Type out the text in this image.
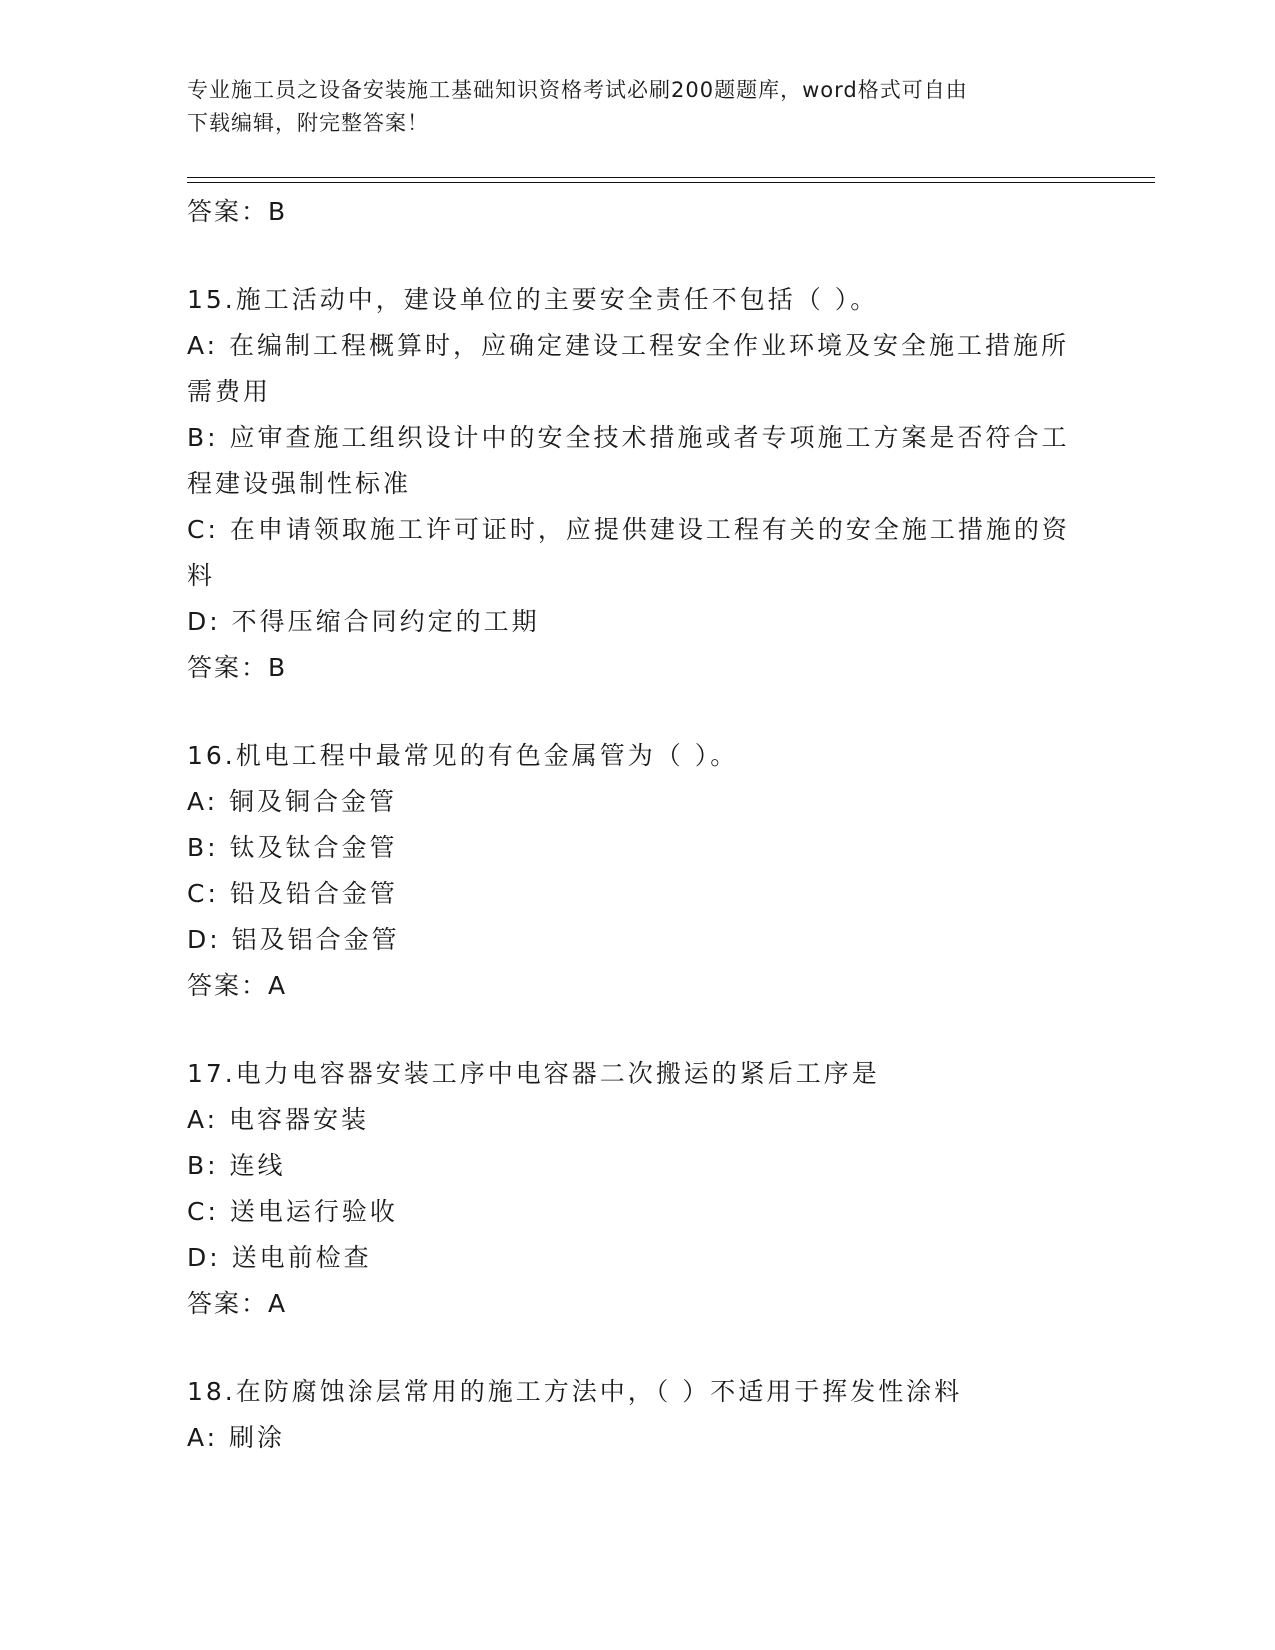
专业施工员之设备安装施工基础知识资格考试必刷200题题库，word格式可自由
下载编辑，附完整答案！
答案：B

15.施工活动中，建设单位的主要安全责任不包括（ ）。

A: 在编制工程概算时，应确定建设工程安全作业环境及安全施工措施所需费用

B: 应审查施工组织设计中的安全技术措施或者专项施工方案是否符合工程建设强制性标准

C: 在申请领取施工许可证时，应提供建设工程有关的安全施工措施的资料

D: 不得压缩合同约定的工期

答案：B

16.机电工程中最常见的有色金属管为（ ）。

A: 铜及铜合金管

B: 钛及钛合金管

C: 铅及铅合金管

D: 铝及铝合金管

答案：A

17.电力电容器安装工序中电容器二次搬运的紧后工序是

A: 电容器安装

B: 连线

C: 送电运行验收

D: 送电前检查

答案：A

18.在防腐蚀涂层常用的施工方法中，（ ）不适用于挥发性涂料

A: 刷涂
